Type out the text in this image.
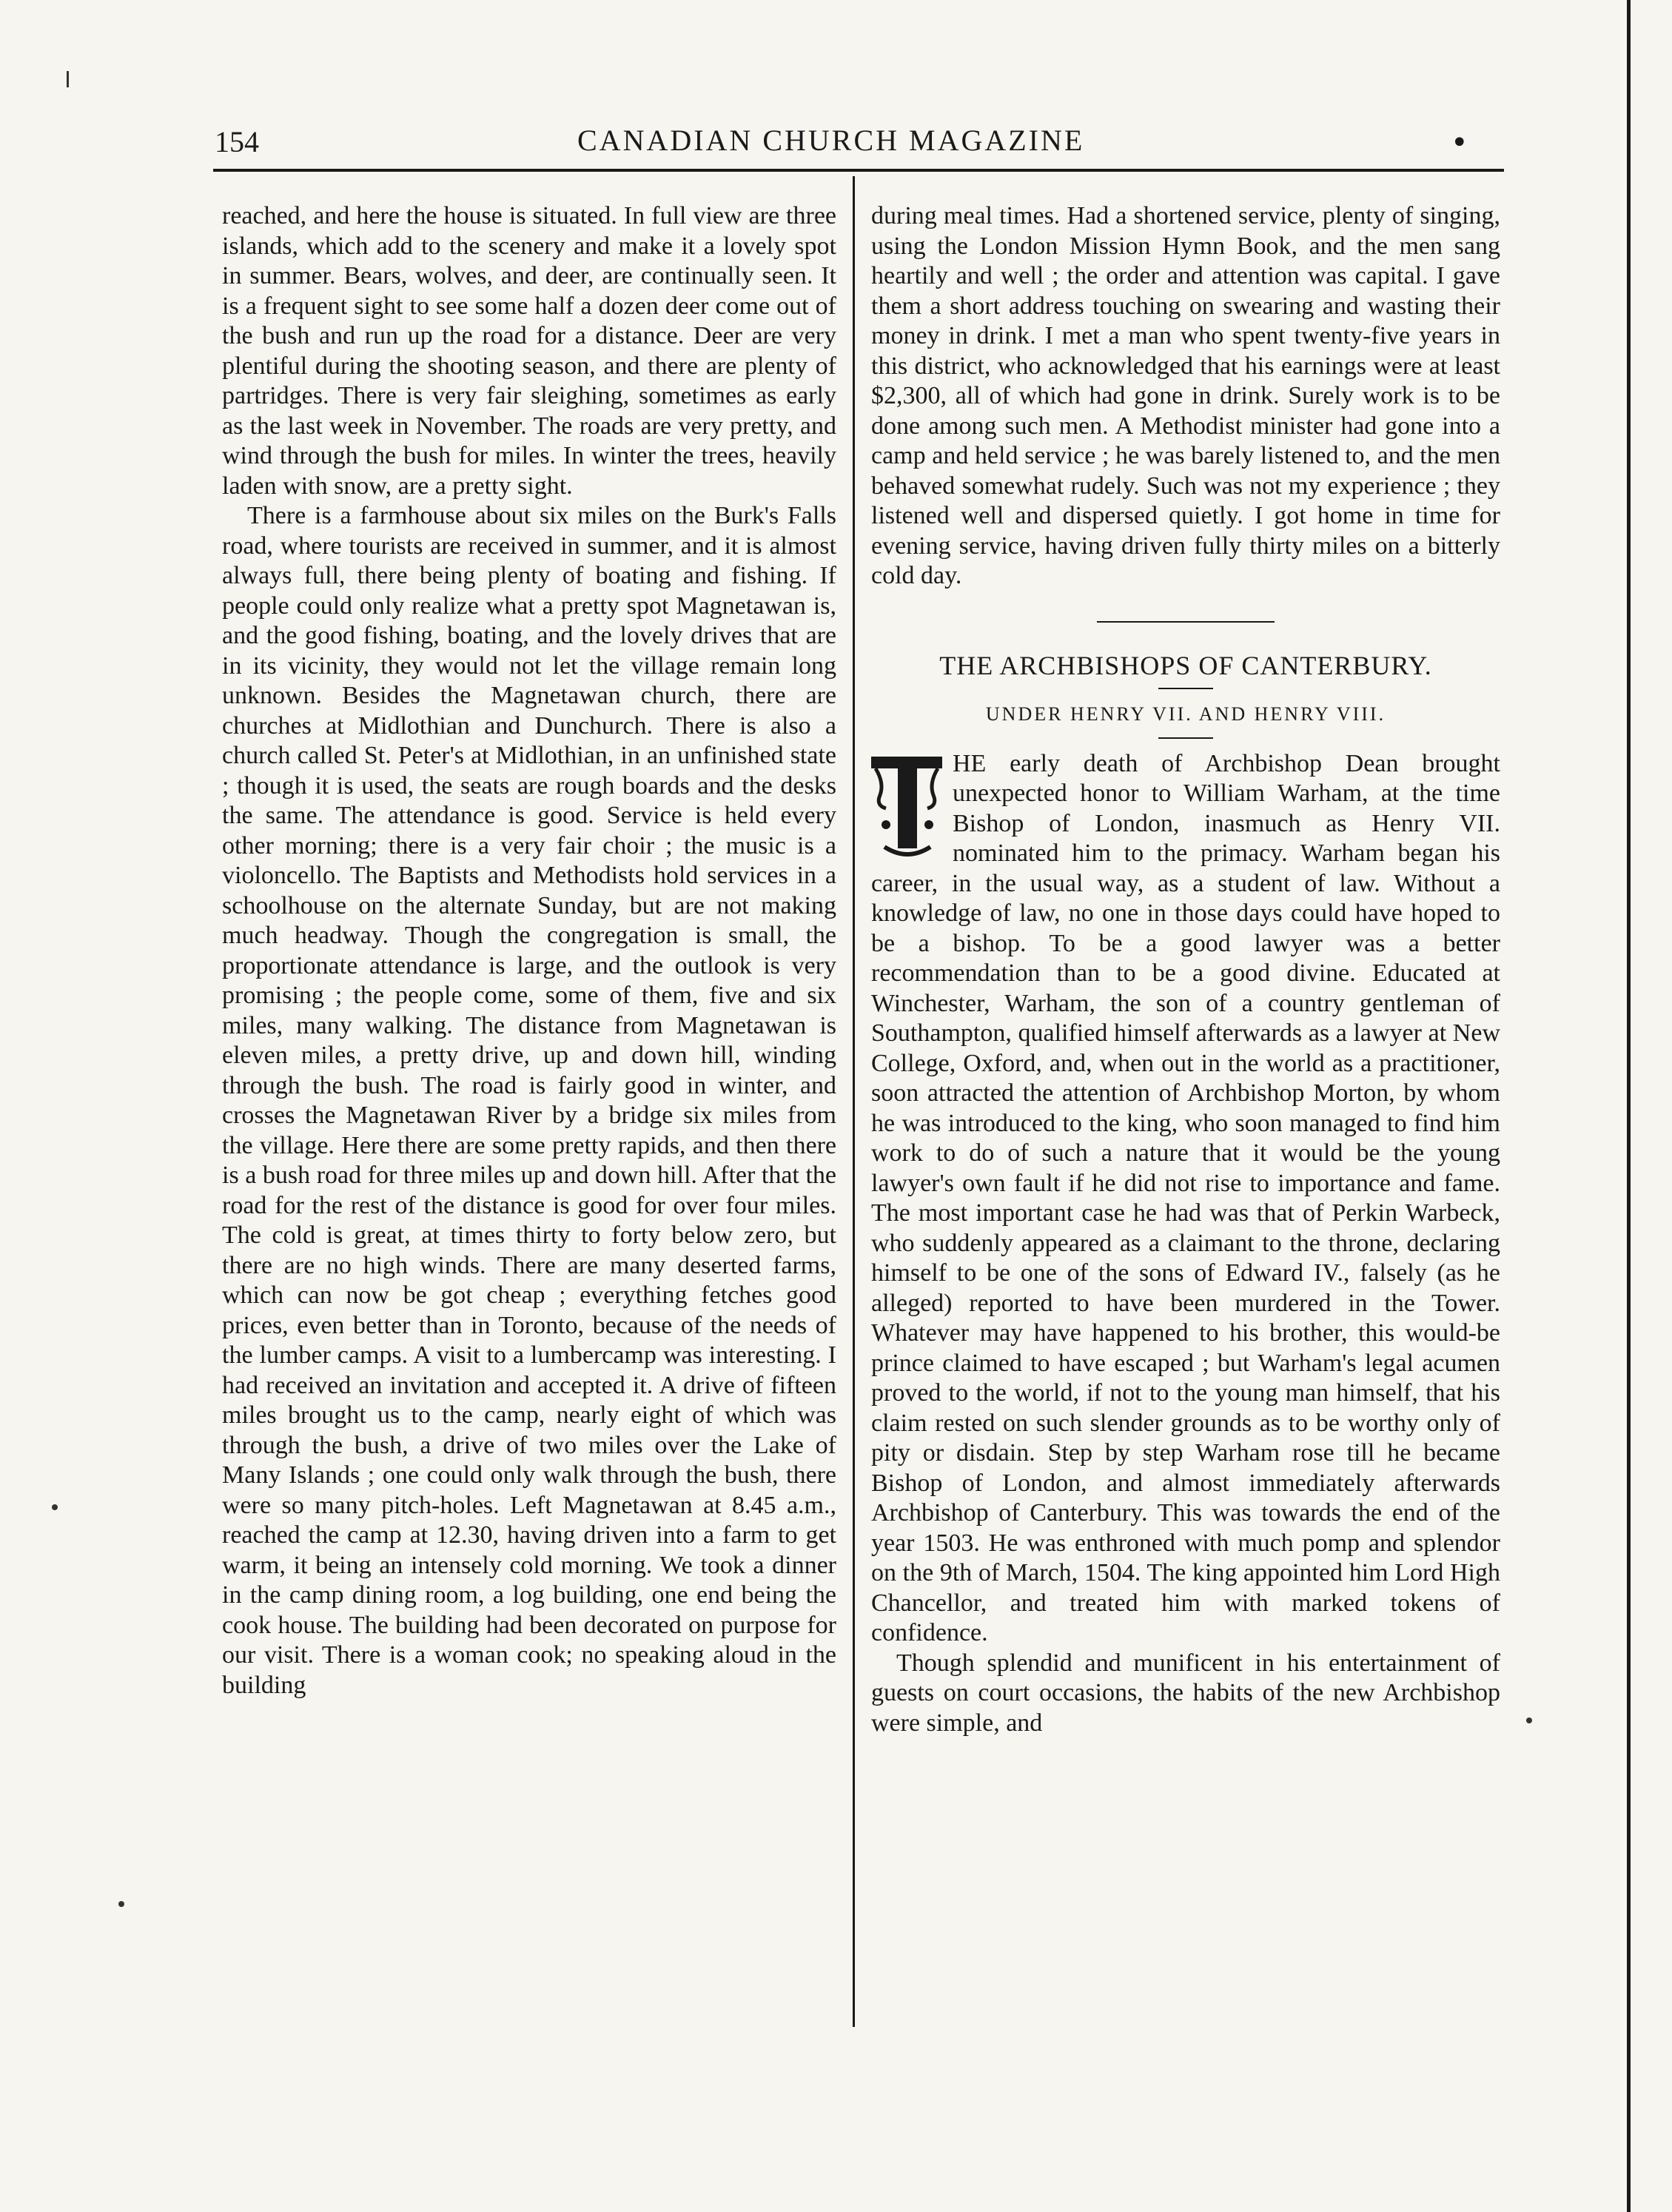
154	CANADIAN CHURCH MAGAZINE	•

reached, and here the house is situated. In full view are three islands, which add to the scenery and make it a lovely spot in summer. Bears, wolves, and deer, are continually seen. It is a frequent sight to see some half a dozen deer come out of the bush and run up the road for a distance. Deer are very plentiful during the shooting season, and there are plenty of partridges. There is very fair sleighing, sometimes as early as the last week in November. The roads are very pretty, and wind through the bush for miles. In winter the trees, heavily laden with snow, are a pretty sight.

There is a farmhouse about six miles on the Burk's Falls road, where tourists are received in summer, and it is almost always full, there being plenty of boating and fishing. If people could only realize what a pretty spot Magnetawan is, and the good fishing, boating, and the lovely drives that are in its vicinity, they would not let the village remain long unknown. Besides the Magnetawan church, there are churches at Midlothian and Dunchurch. There is also a church called St. Peter's at Midlothian, in an unfinished state ; though it is used, the seats are rough boards and the desks the same. The attendance is good. Service is held every other morning; there is a very fair choir ; the music is a violoncello. The Baptists and Methodists hold services in a schoolhouse on the alternate Sunday, but are not making much headway. Though the congregation is small, the proportionate attendance is large, and the outlook is very promising ; the people come, some of them, five and six miles, many walking. The distance from Magnetawan is eleven miles, a pretty drive, up and down hill, winding through the bush. The road is fairly good in winter, and crosses the Magnetawan River by a bridge six miles from the village. Here there are some pretty rapids, and then there is a bush road for three miles up and down hill. After that the road for the rest of the distance is good for over four miles. The cold is great, at times thirty to forty below zero, but there are no high winds. There are many deserted farms, which can now be got cheap ; everything fetches good prices, even better than in Toronto, because of the needs of the lumber camps. A visit to a lumbercamp was interesting. I had received an invitation and accepted it. A drive of fifteen miles brought us to the camp, nearly eight of which was through the bush, a drive of two miles over the Lake of Many Islands ; one could only walk through the bush, there were so many pitch-holes. Left Magnetawan at 8.45 a.m., reached the camp at 12.30, having driven into a farm to get warm, it being an intensely cold morning. We took a dinner in the camp dining room, a log building, one end being the cook house. The building had been decorated on purpose for our visit. There is a woman cook; no speaking aloud in the building

during meal times. Had a shortened service, plenty of singing, using the London Mission Hymn Book, and the men sang heartily and well ; the order and attention was capital. I gave them a short address touching on swearing and wasting their money in drink. I met a man who spent twenty-five years in this district, who acknowledged that his earnings were at least $2,300, all of which had gone in drink. Surely work is to be done among such men. A Methodist minister had gone into a camp and held service ; he was barely listened to, and the men behaved somewhat rudely. Such was not my experience ; they listened well and dispersed quietly. I got home in time for evening service, having driven fully thirty miles on a bitterly cold day.

THE ARCHBISHOPS OF CANTERBURY.
UNDER HENRY VII. AND HENRY VIII.

T
HE early death of Archbishop Dean brought unexpected honor to William Warham, at the time Bishop of London, inasmuch as Henry VII. nominated him to the primacy. Warham began his career, in the usual way, as a student of law. Without a knowledge of law, no one in those days could have hoped to be a bishop. To be a good lawyer was a better recommendation than to be a good divine. Educated at Winchester, Warham, the son of a country gentleman of Southampton, qualified himself afterwards as a lawyer at New College, Oxford, and, when out in the world as a practitioner, soon attracted the attention of Archbishop Morton, by whom he was introduced to the king, who soon managed to find him work to do of such a nature that it would be the young lawyer's own fault if he did not rise to importance and fame. The most important case he had was that of Perkin Warbeck, who suddenly appeared as a claimant to the throne, declaring himself to be one of the sons of Edward IV., falsely (as he alleged) reported to have been murdered in the Tower. Whatever may have happened to his brother, this would-be prince claimed to have escaped ; but Warham's legal acumen proved to the world, if not to the young man himself, that his claim rested on such slender grounds as to be worthy only of pity or disdain. Step by step Warham rose till he became Bishop of London, and almost immediately afterwards Archbishop of Canterbury. This was towards the end of the year 1503. He was enthroned with much pomp and splendor on the 9th of March, 1504. The king appointed him Lord High Chancellor, and treated him with marked tokens of confidence.

Though splendid and munificent in his entertainment of guests on court occasions, the habits of the new Archbishop were simple, and
